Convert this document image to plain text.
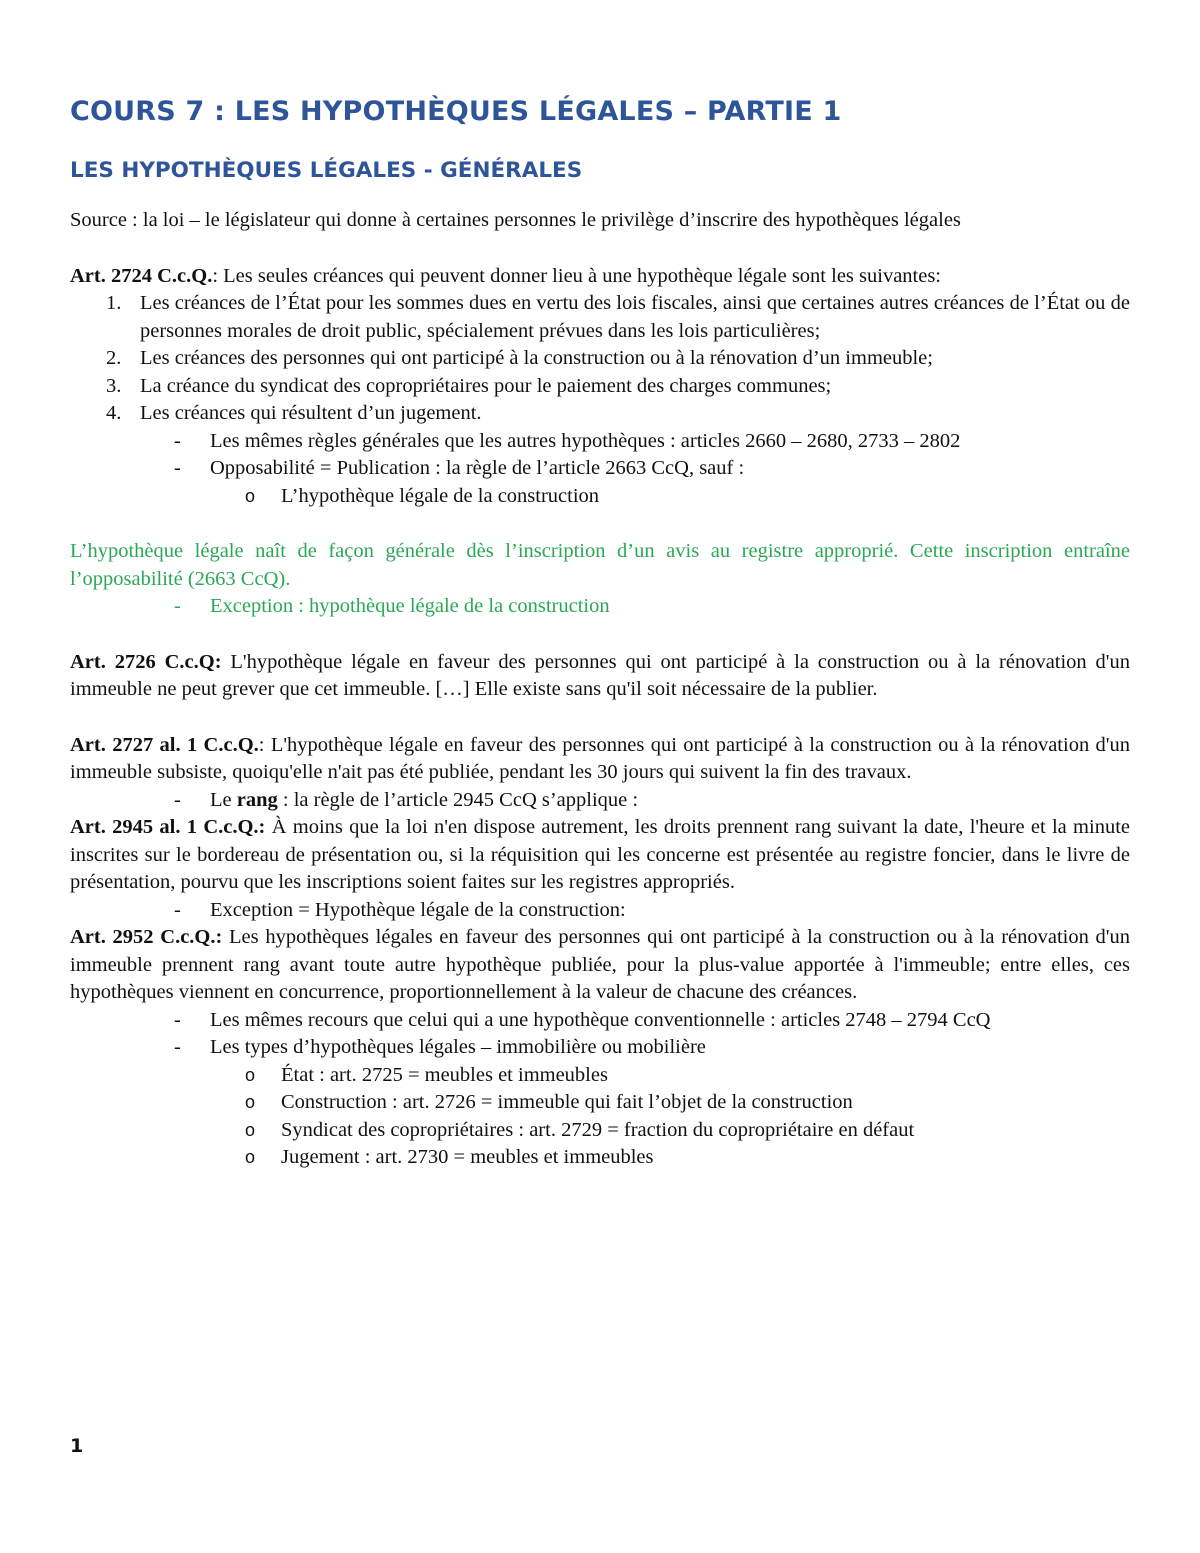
COURS 7 : LES HYPOTHÈQUES LÉGALES – PARTIE 1
LES HYPOTHÈQUES LÉGALES - GÉNÉRALES

Source : la loi – le législateur qui donne à certaines personnes le privilège d’inscrire des hypothèques légales

Art. 2724 C.c.Q.: Les seules créances qui peuvent donner lieu à une hypothèque légale sont les suivantes:

1. Les créances de l’État pour les sommes dues en vertu des lois fiscales, ainsi que certaines autres créances de l’État ou de personnes morales de droit public, spécialement prévues dans les lois particulières;
2. Les créances des personnes qui ont participé à la construction ou à la rénovation d’un immeuble;
3. La créance du syndicat des copropriétaires pour le paiement des charges communes;
4. Les créances qui résultent d’un jugement.
- Les mêmes règles générales que les autres hypothèques : articles 2660 – 2680, 2733 – 2802
- Opposabilité = Publication : la règle de l’article 2663 CcQ, sauf :
o L’hypothèque légale de la construction

L’hypothèque légale naît de façon générale dès l’inscription d’un avis au registre approprié. Cette inscription entraîne l’opposabilité (2663 CcQ).

- Exception : hypothèque légale de la construction

Art. 2726 C.c.Q: L'hypothèque légale en faveur des personnes qui ont participé à la construction ou à la rénovation d'un immeuble ne peut grever que cet immeuble. […] Elle existe sans qu'il soit nécessaire de la publier.

Art. 2727 al. 1 C.c.Q.: L'hypothèque légale en faveur des personnes qui ont participé à la construction ou à la rénovation d'un immeuble subsiste, quoiqu'elle n'ait pas été publiée, pendant les 30 jours qui suivent la fin des travaux.

- Le rang : la règle de l’article 2945 CcQ s’applique :

Art. 2945 al. 1 C.c.Q.: À moins que la loi n'en dispose autrement, les droits prennent rang suivant la date, l'heure et la minute inscrites sur le bordereau de présentation ou, si la réquisition qui les concerne est présentée au registre foncier, dans le livre de présentation, pourvu que les inscriptions soient faites sur les registres appropriés.

- Exception = Hypothèque légale de la construction:

Art. 2952 C.c.Q.: Les hypothèques légales en faveur des personnes qui ont participé à la construction ou à la rénovation d'un immeuble prennent rang avant toute autre hypothèque publiée, pour la plus-value apportée à l'immeuble; entre elles, ces hypothèques viennent en concurrence, proportionnellement à la valeur de chacune des créances.

- Les mêmes recours que celui qui a une hypothèque conventionnelle : articles 2748 – 2794 CcQ
- Les types d’hypothèques légales – immobilière ou mobilière
o État : art. 2725 = meubles et immeubles
o Construction : art. 2726 = immeuble qui fait l’objet de la construction
o Syndicat des copropriétaires : art. 2729 = fraction du copropriétaire en défaut
o Jugement : art. 2730 = meubles et immeubles
1
